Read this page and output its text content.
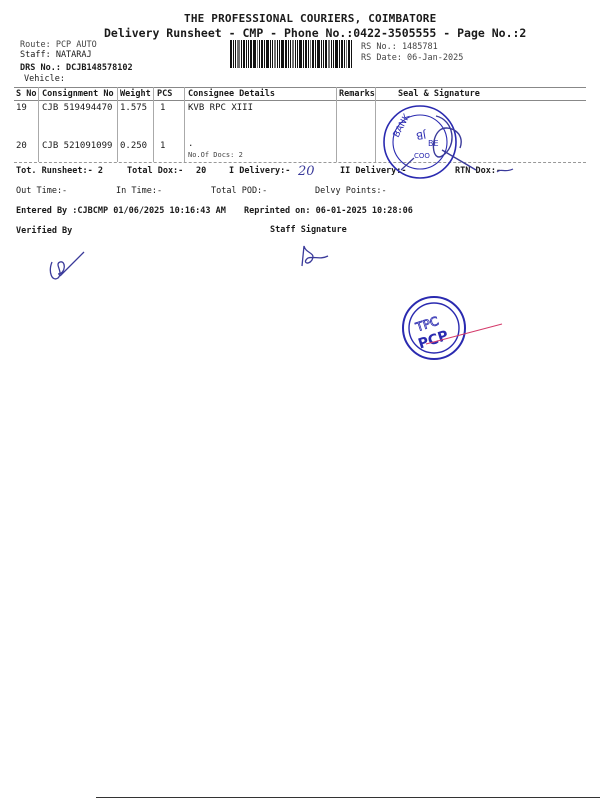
THE PROFESSIONAL COURIERS, COIMBATORE
Delivery Runsheet - CMP - Phone No.:0422-3505555 - Page No.:2
Route: PCP AUTO
Staff: NATARAJ
DRS No.: DCJB148578102
Vehicle:
RS No.: 1485781
RS Date: 06-Jan-2025
S No Consignment No Weight PCS Consignee Details	Remarks	Seal & Signature
19 CJB 519494470 1.575 1	KVB RPC XIII
20 CJB 521091099 0.250 1	.
No.Of Docs: 2
Tot. Runsheet:- 2	Total Dox:- 20	I Delivery:- 20	II Delivery:-	RTN Dox:-
Out Time:-	In Time:-	Total POD:-	Delvy Points:-
Entered By :CJBCMP 01/06/2025 10:16:43 AM Reprinted on: 06-01-2025 10:28:06
Verified By	Staff Signature
BANK JB
BE
COO
TPC
PCP
